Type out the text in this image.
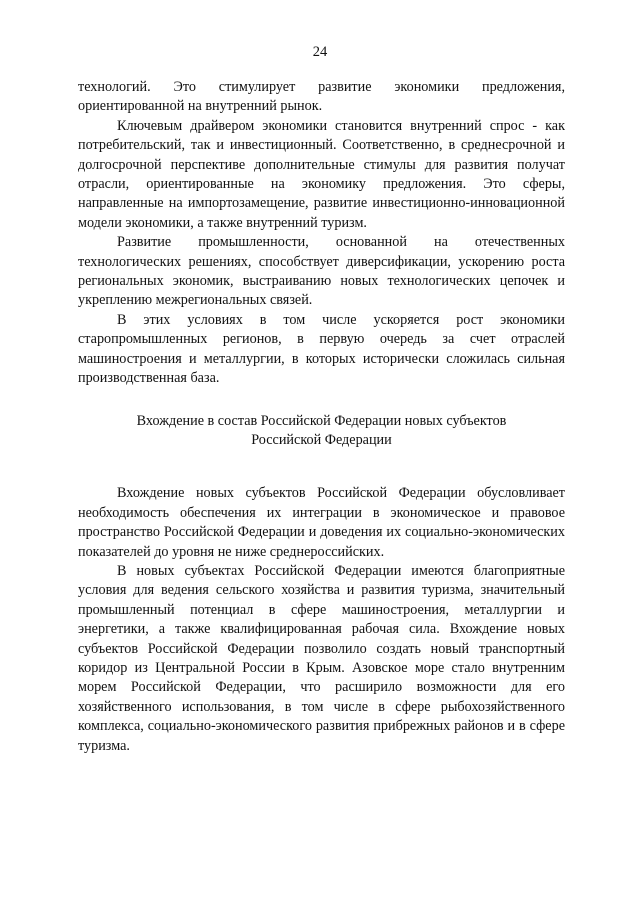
24

технологий. Это стимулирует развитие экономики предложения, ориентированной на внутренний рынок.

Ключевым драйвером экономики становится внутренний спрос - как потребительский, так и инвестиционный. Соответственно, в среднесрочной и долгосрочной перспективе дополнительные стимулы для развития получат отрасли, ориентированные на экономику предложения. Это сферы, направленные на импортозамещение, развитие инвестиционно-инновационной модели экономики, а также внутренний туризм.

Развитие промышленности, основанной на отечественных технологических решениях, способствует диверсификации, ускорению роста региональных экономик, выстраиванию новых технологических цепочек и укреплению межрегиональных связей.

В этих условиях в том числе ускоряется рост экономики старопромышленных регионов, в первую очередь за счет отраслей машиностроения и металлургии, в которых исторически сложилась сильная производственная база.

Вхождение в состав Российской Федерации новых субъектов
Российской Федерации

Вхождение новых субъектов Российской Федерации обусловливает необходимость обеспечения их интеграции в экономическое и правовое пространство Российской Федерации и доведения их социально-экономических показателей до уровня не ниже среднероссийских.

В новых субъектах Российской Федерации имеются благоприятные условия для ведения сельского хозяйства и развития туризма, значительный промышленный потенциал в сфере машиностроения, металлургии и энергетики, а также квалифицированная рабочая сила. Вхождение новых субъектов Российской Федерации позволило создать новый транспортный коридор из Центральной России в Крым. Азовское море стало внутренним морем Российской Федерации, что расширило возможности для его хозяйственного использования, в том числе в сфере рыбохозяйственного комплекса, социально-экономического развития прибрежных районов и в сфере туризма.
